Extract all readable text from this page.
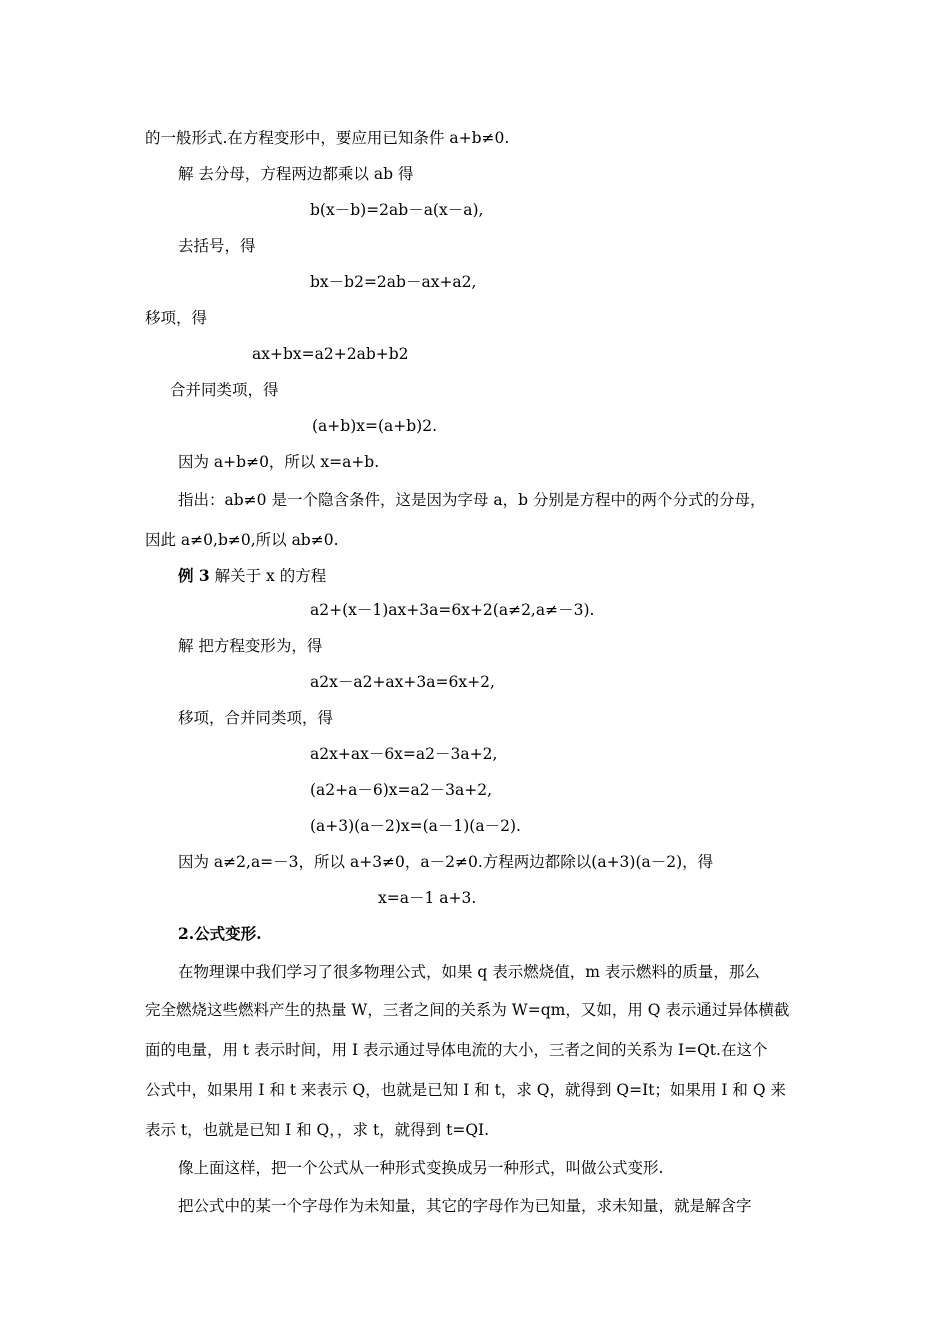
的一般形式.在方程变形中，要应用已知条件 a+b≠0.
解 去分母，方程两边都乘以 ab 得
b(x－b)=2ab－a(x－a),
去括号，得
bx－b2=2ab－ax+a2,
移项，得
ax+bx=a2+2ab+b2
合并同类项，得
(a+b)x=(a+b)2.
因为 a+b≠0，所以 x=a+b.
指出：ab≠0 是一个隐含条件，这是因为字母 a，b 分别是方程中的两个分式的分母，
因此 a≠0,b≠0,所以 ab≠0.
例 3 解关于 x 的方程
a2+(x－1)ax+3a=6x+2(a≠2,a≠－3).
解 把方程变形为，得
a2x－a2+ax+3a=6x+2,
移项，合并同类项，得
a2x+ax－6x=a2－3a+2,
(a2+a－6)x=a2－3a+2,
(a+3)(a－2)x=(a－1)(a－2).
因为 a≠2,a=－3，所以 a+3≠0，a－2≠0.方程两边都除以(a+3)(a－2)，得
x=a－1 a+3.
2.公式变形.
在物理课中我们学习了很多物理公式，如果 q 表示燃烧值，m 表示燃料的质量，那么
完全燃烧这些燃料产生的热量 W，三者之间的关系为 W=qm，又如，用 Q 表示通过异体横截
面的电量，用 t 表示时间，用 I 表示通过导体电流的大小，三者之间的关系为 I=Qt.在这个
公式中，如果用 I 和 t 来表示 Q，也就是已知 I 和 t，求 Q，就得到 Q=It；如果用 I 和 Q 来
表示 t，也就是已知 I 和 Q，，求 t，就得到 t=QI.
像上面这样，把一个公式从一种形式变换成另一种形式，叫做公式变形.
把公式中的某一个字母作为未知量，其它的字母作为已知量，求未知量，就是解含字
